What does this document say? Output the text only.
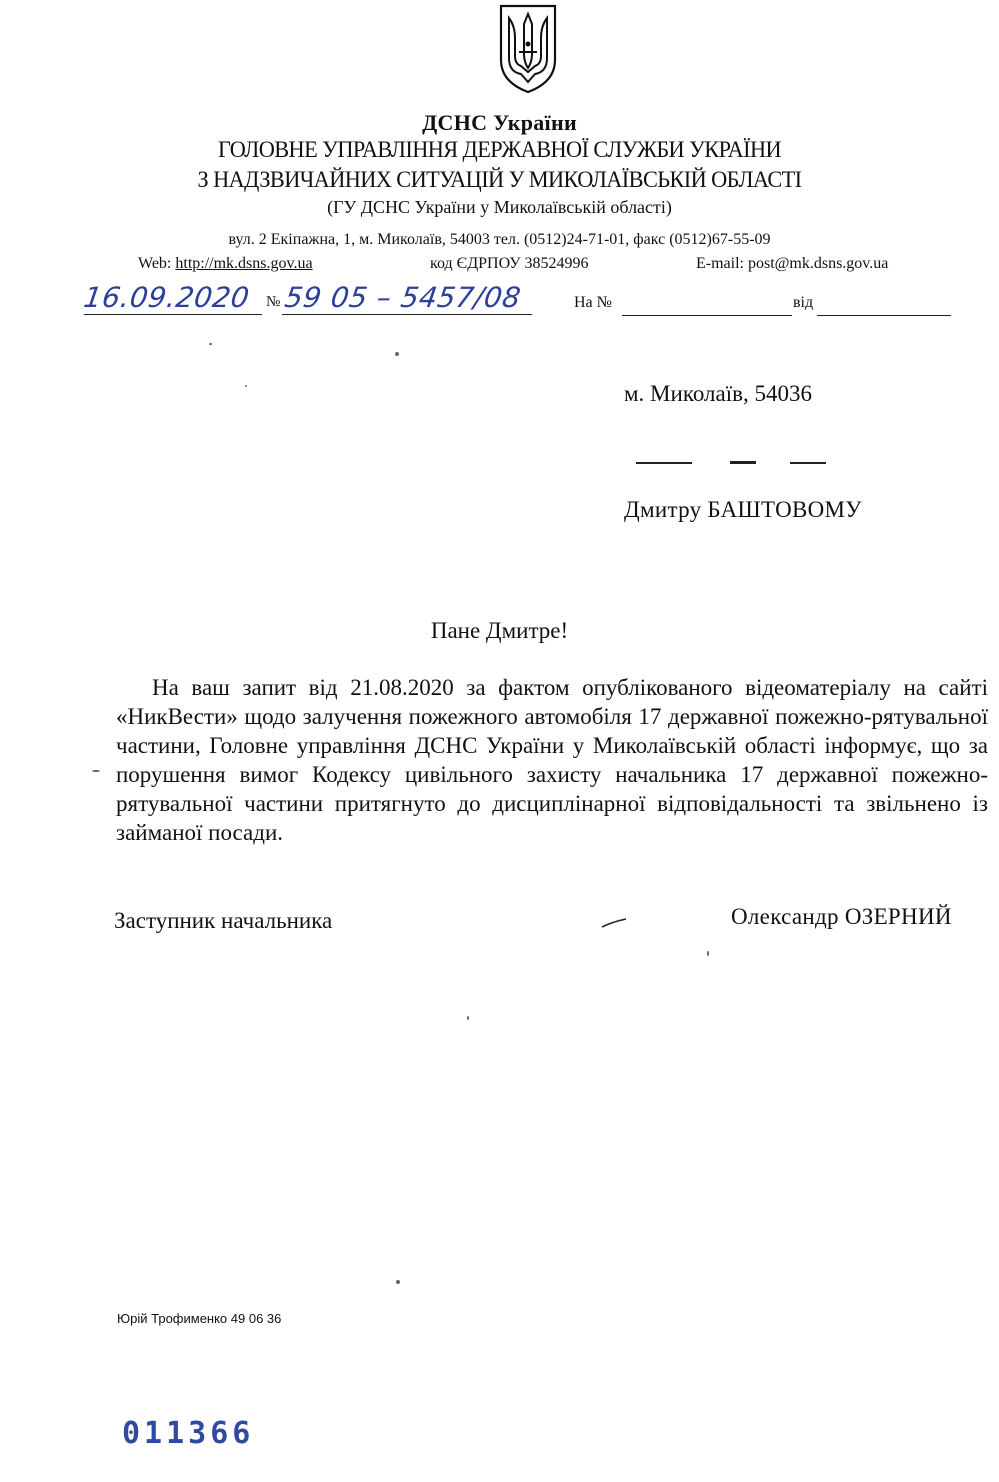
ДСНС України
ГОЛОВНЕ УПРАВЛІННЯ ДЕРЖАВНОЇ СЛУЖБИ УКРАЇНИ
З НАДЗВИЧАЙНИХ СИТУАЦІЙ У МИКОЛАЇВСЬКІЙ ОБЛАСТІ
(ГУ ДСНС України у Миколаївській області)
вул. 2 Екіпажна, 1, м. Миколаїв, 54003 тел. (0512)24-71-01, факс (0512)67-55-09
Web: http://mk.dsns.gov.ua	код ЄДРПОУ 38524996	E-mail: post@mk.dsns.gov.ua
16.09.2020 № 59 05 – 5457/08	На №	від
м. Миколаїв, 54036
Дмитру БАШТОВОМУ
Пане Дмитре!
На ваш запит від 21.08.2020 за фактом опублікованого відеоматеріалу на сайті «НикВести» щодо залучення пожежного автомобіля 17 державної пожежно-рятувальної частини, Головне управління ДСНС України у Миколаївській області інформує, що за порушення вимог Кодексу цивільного захисту начальника 17 державної пожежно-рятувальної частини притягнуто до дисциплінарної відповідальності та звільнено із займаної посади.
Заступник начальника	Олександр ОЗЕРНИЙ
Юрій Трофименко 49 06 36
011366
